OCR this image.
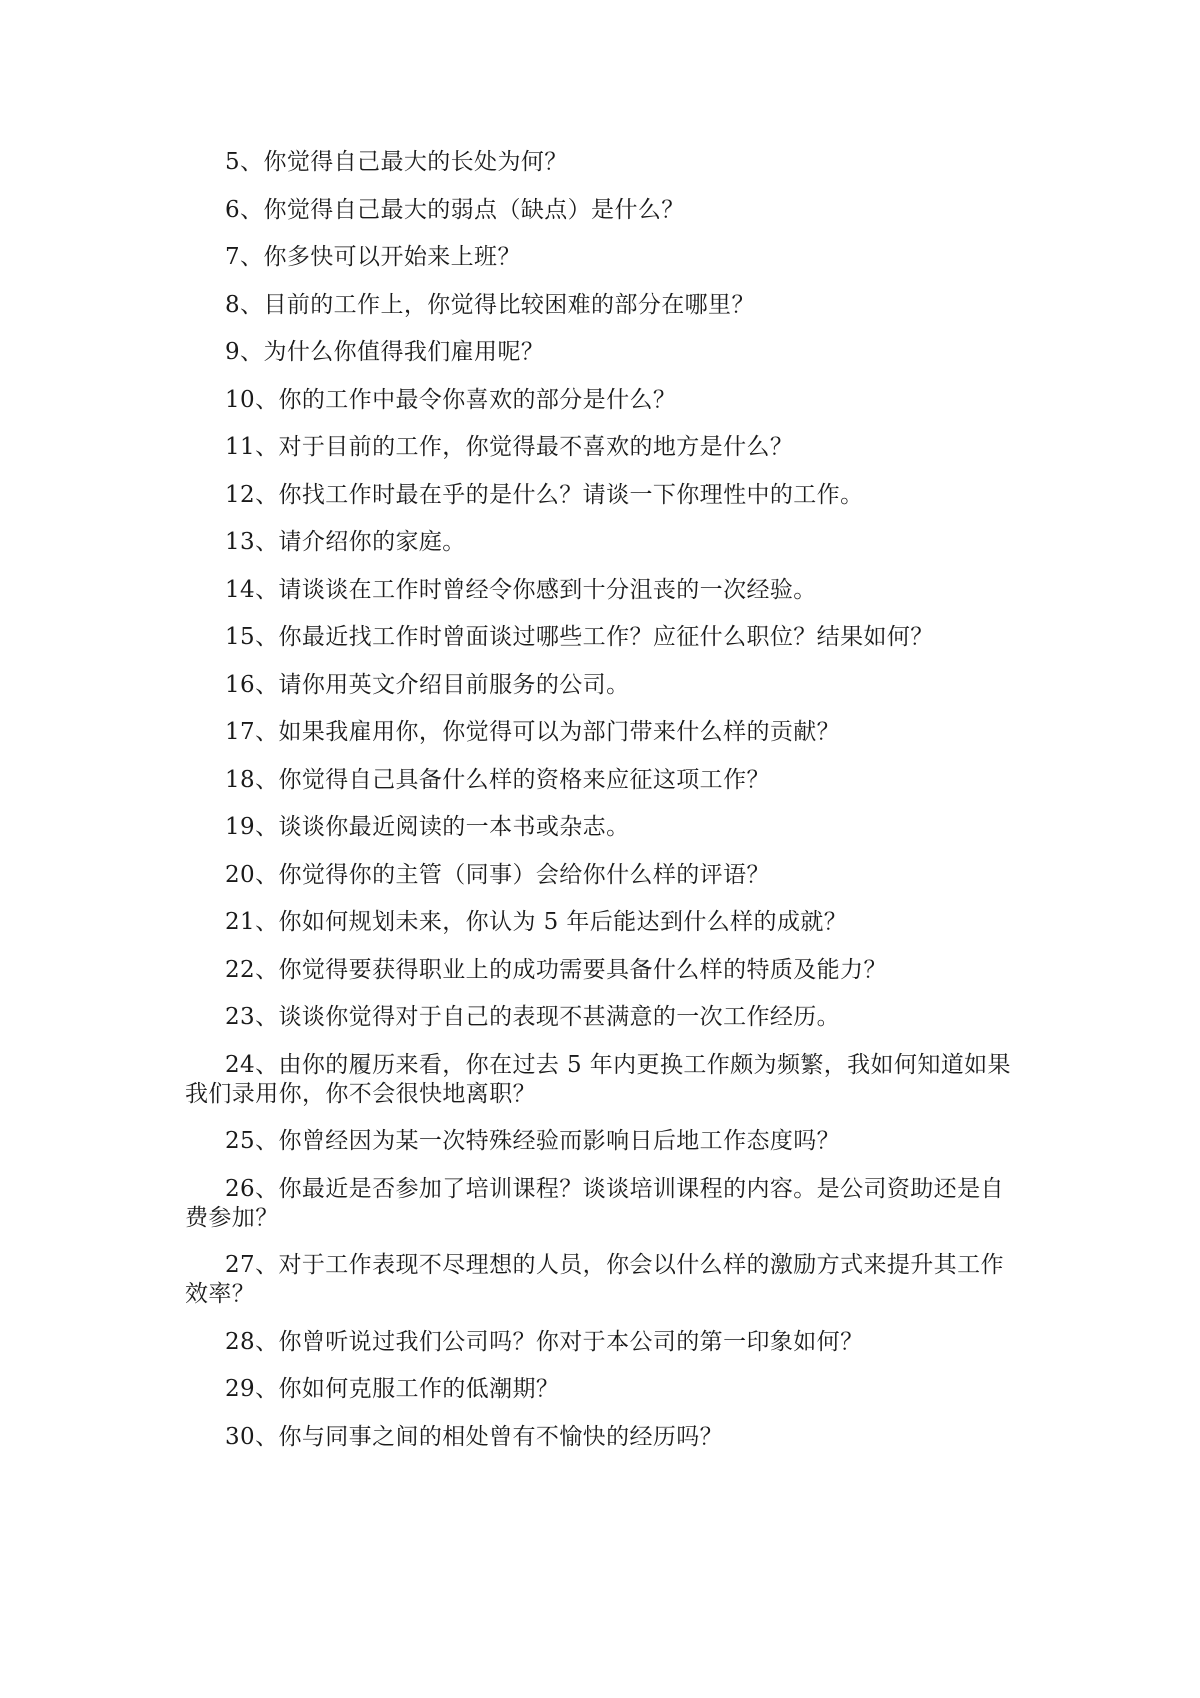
5、你觉得自己最大的长处为何？
6、你觉得自己最大的弱点（缺点）是什么？
7、你多快可以开始来上班？
8、目前的工作上，你觉得比较困难的部分在哪里？
9、为什么你值得我们雇用呢？
10、你的工作中最令你喜欢的部分是什么？
11、对于目前的工作，你觉得最不喜欢的地方是什么？
12、你找工作时最在乎的是什么？请谈一下你理性中的工作。
13、请介绍你的家庭。
14、请谈谈在工作时曾经令你感到十分沮丧的一次经验。
15、你最近找工作时曾面谈过哪些工作？应征什么职位？结果如何？
16、请你用英文介绍目前服务的公司。
17、如果我雇用你，你觉得可以为部门带来什么样的贡献？
18、你觉得自己具备什么样的资格来应征这项工作？
19、谈谈你最近阅读的一本书或杂志。
20、你觉得你的主管（同事）会给你什么样的评语？
21、你如何规划未来，你认为 5 年后能达到什么样的成就？
22、你觉得要获得职业上的成功需要具备什么样的特质及能力？
23、谈谈你觉得对于自己的表现不甚满意的一次工作经历。
24、由你的履历来看，你在过去 5 年内更换工作颇为频繁，我如何知道如果我们录用你，你不会很快地离职？
25、你曾经因为某一次特殊经验而影响日后地工作态度吗？
26、你最近是否参加了培训课程？谈谈培训课程的内容。是公司资助还是自费参加？
27、对于工作表现不尽理想的人员，你会以什么样的激励方式来提升其工作效率？
28、你曾听说过我们公司吗？你对于本公司的第一印象如何？
29、你如何克服工作的低潮期？
30、你与同事之间的相处曾有不愉快的经历吗？
